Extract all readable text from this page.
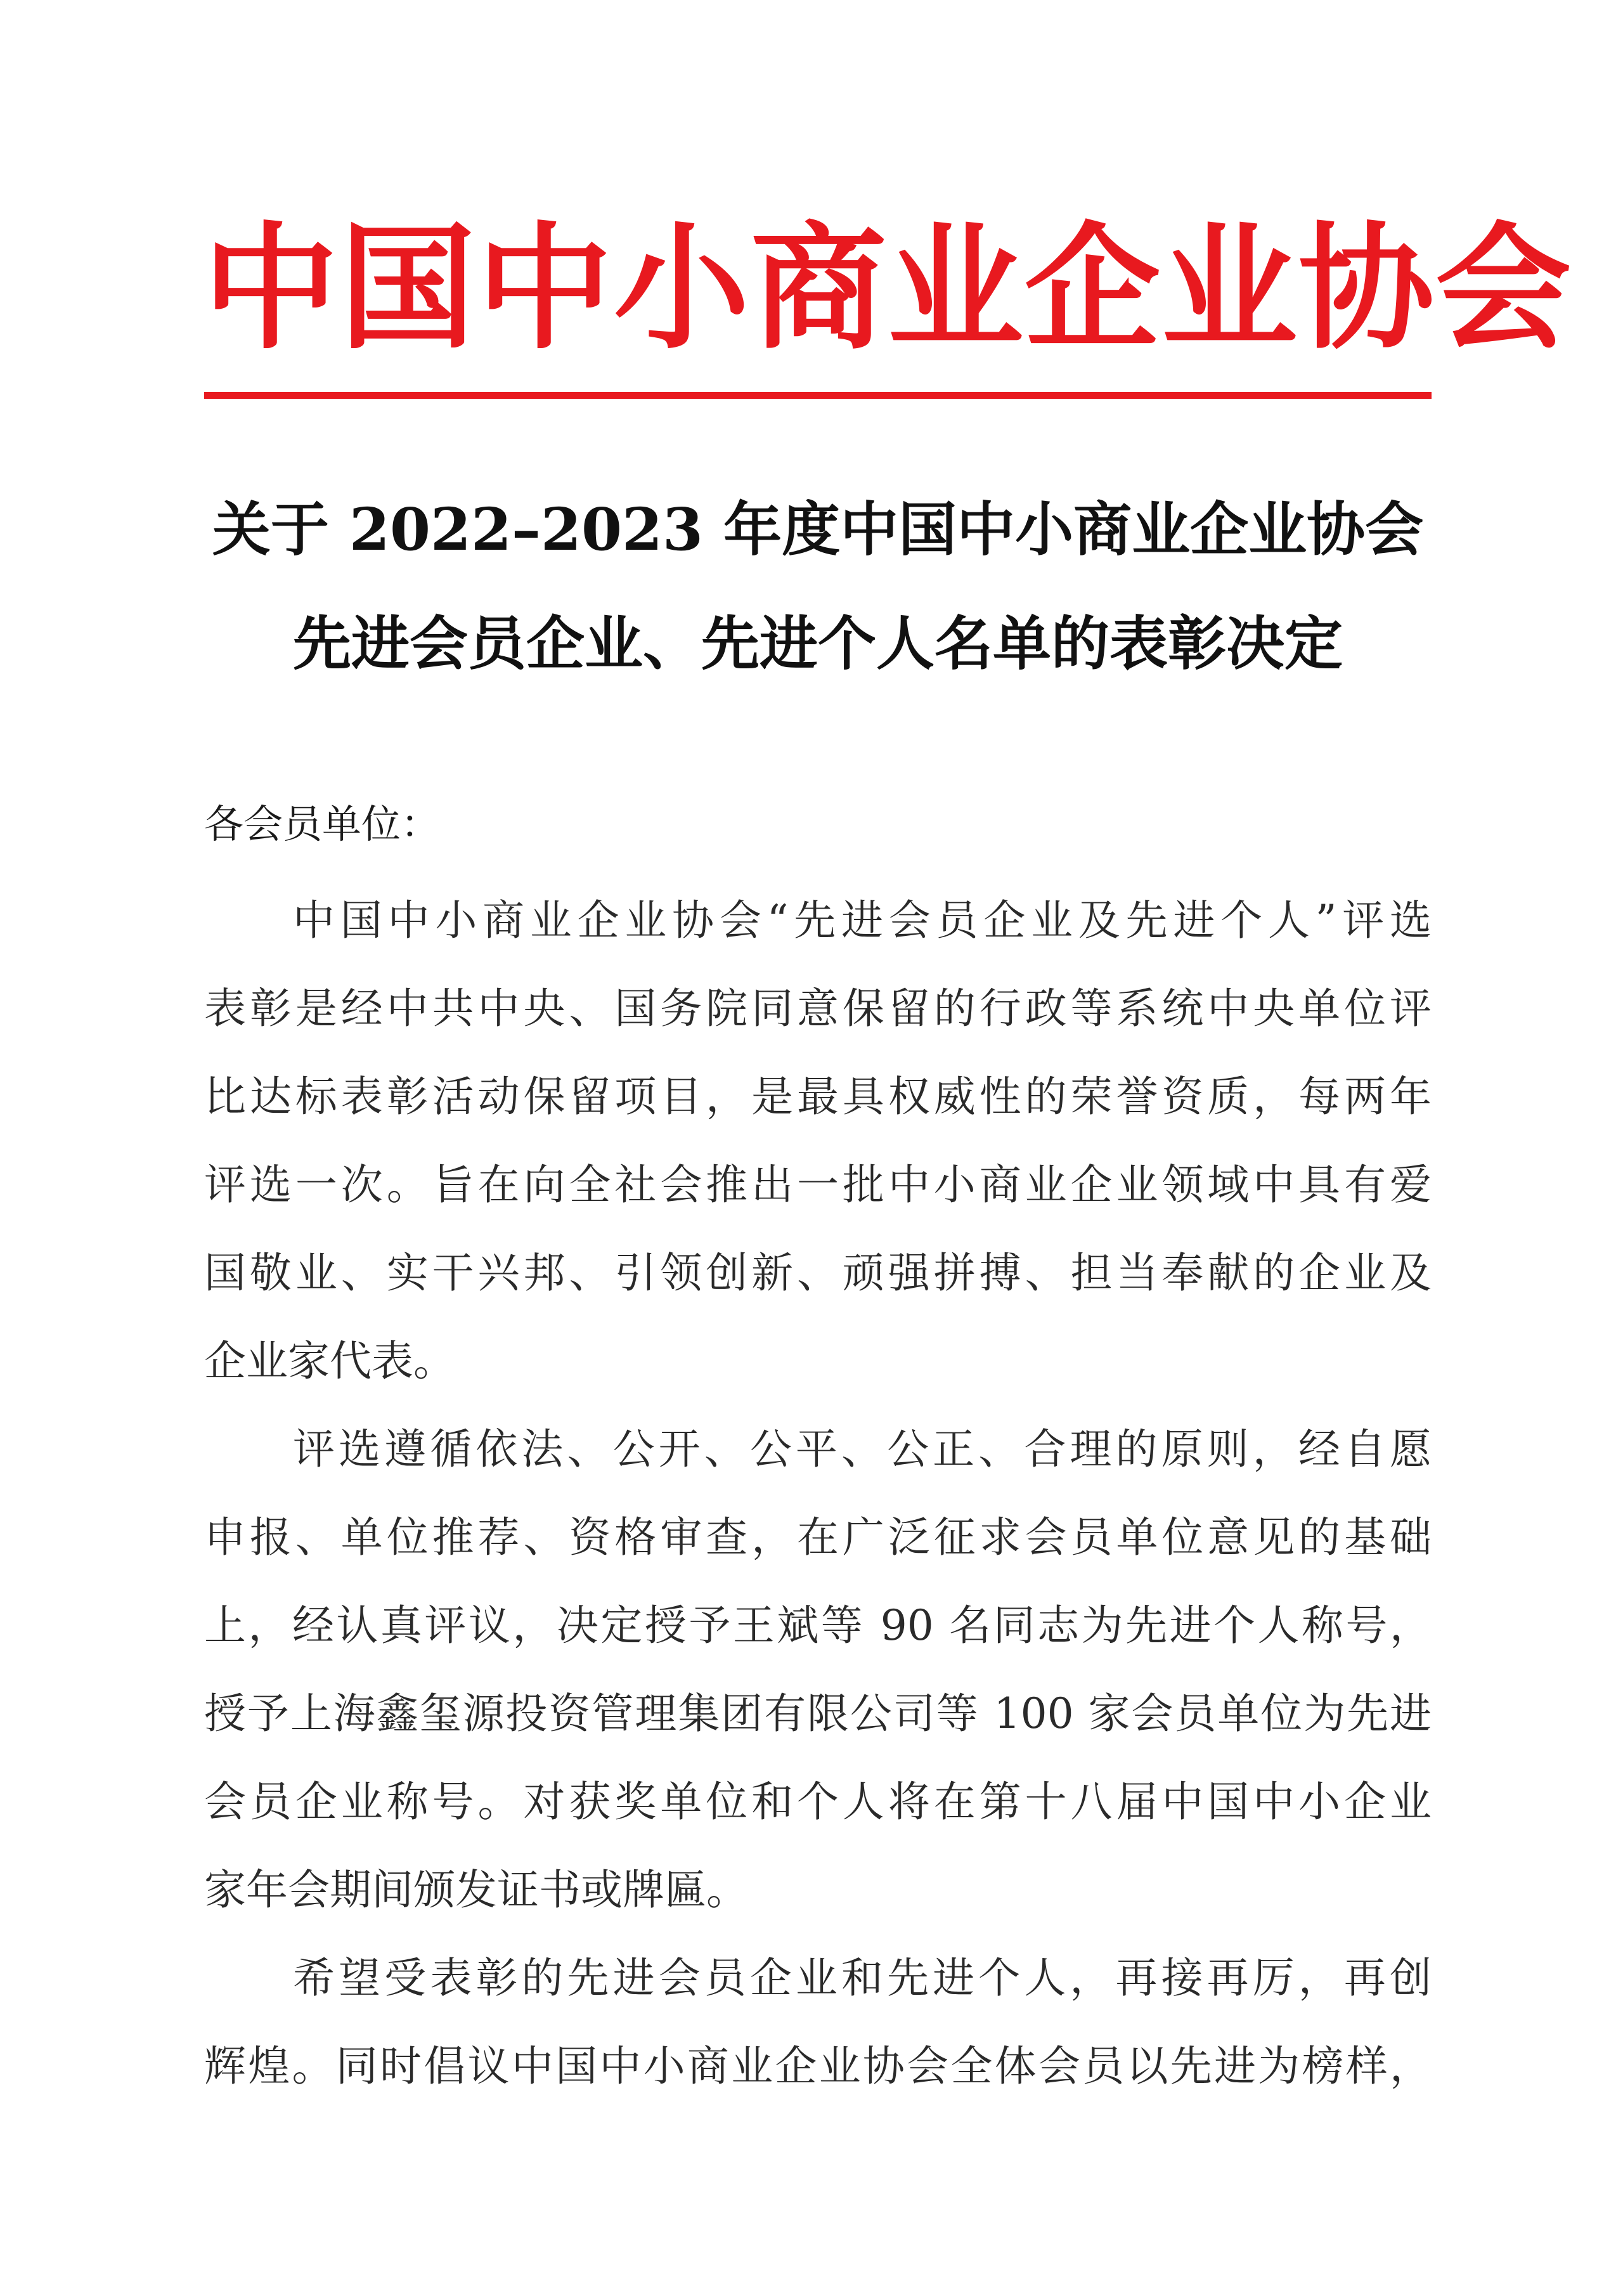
中国中小商业企业协会
关于 2022–2023 年度中国中小商业企业协会
先进会员企业、先进个人名单的表彰决定
各会员单位：
中国中小商业企业协会“先进会员企业及先进个人”评选
表彰是经中共中央、国务院同意保留的行政等系统中央单位评
比达标表彰活动保留项目，是最具权威性的荣誉资质，每两年
评选一次。旨在向全社会推出一批中小商业企业领域中具有爱
国敬业、实干兴邦、引领创新、顽强拼搏、担当奉献的企业及
企业家代表。
评选遵循依法、公开、公平、公正、合理的原则，经自愿
申报、单位推荐、资格审查，在广泛征求会员单位意见的基础
上，经认真评议，决定授予王斌等 90 名同志为先进个人称号，
授予上海鑫玺源投资管理集团有限公司等 100 家会员单位为先进
会员企业称号。对获奖单位和个人将在第十八届中国中小企业
家年会期间颁发证书或牌匾。
希望受表彰的先进会员企业和先进个人，再接再厉，再创
辉煌。同时倡议中国中小商业企业协会全体会员以先进为榜样，
